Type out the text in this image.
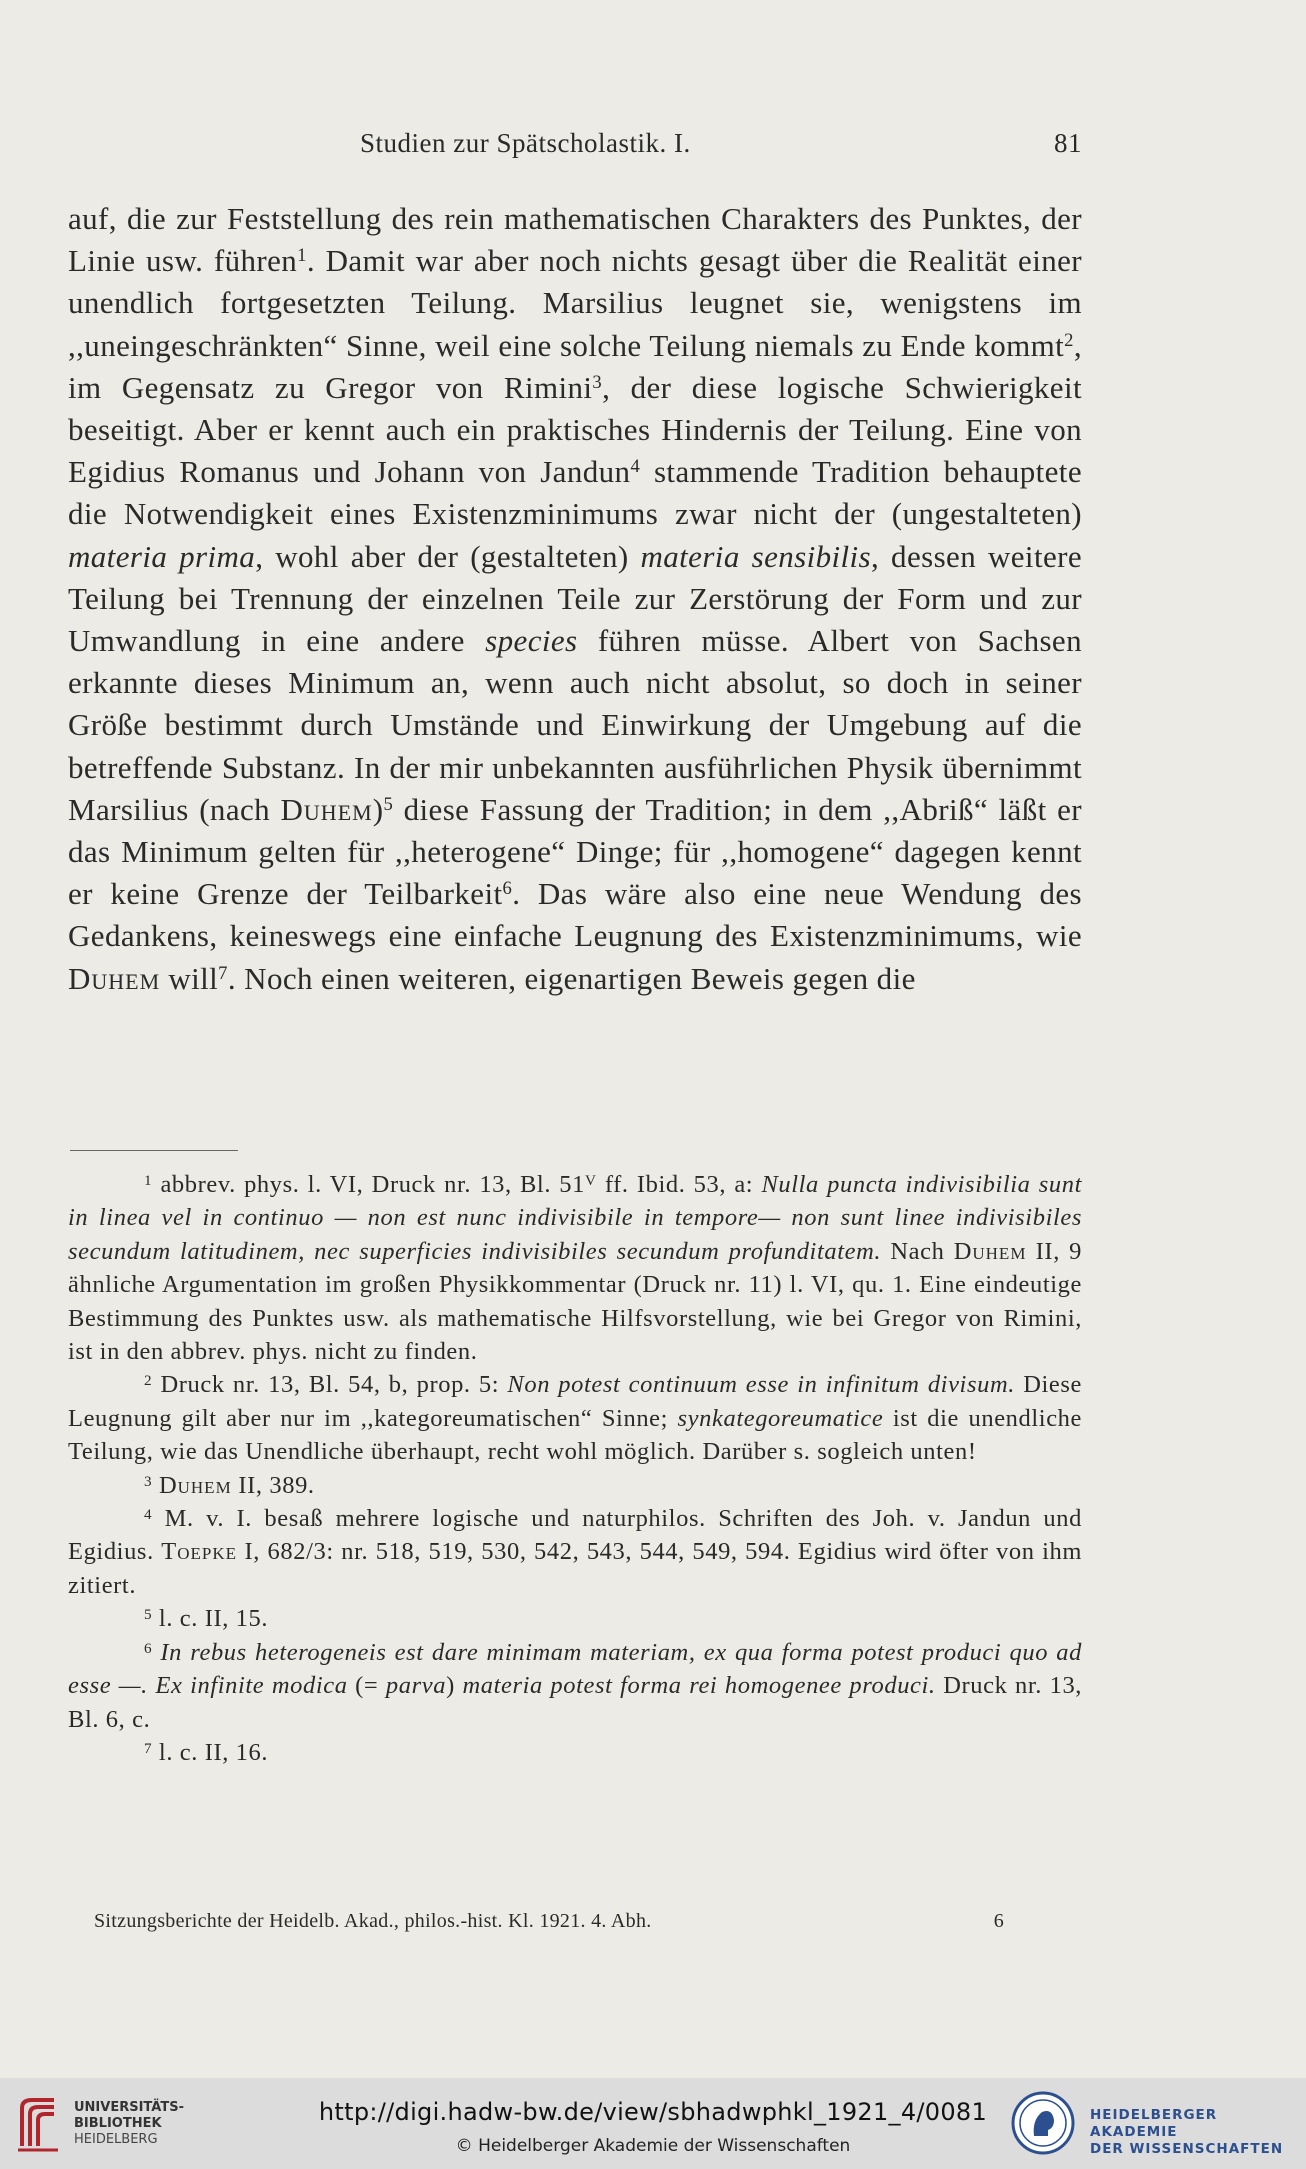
Studien zur Spätscholastik. I.	81

auf, die zur Feststellung des rein mathematischen Charakters des Punktes, der Linie usw. führen$^1$. Damit war aber noch nichts gesagt über die Realität einer unendlich fortgesetzten Teilung. Marsilius leugnet sie, wenigstens im ,,uneingeschränkten“ Sinne, weil eine solche Teilung niemals zu Ende kommt$^2$, im Gegensatz zu Gregor von Rimini$^3$, der diese logische Schwierigkeit beseitigt. Aber er kennt auch ein praktisches Hindernis der Teilung. Eine von Egidius Romanus und Johann von Jandun$^4$ stammende Tradition behauptete die Notwendigkeit eines Existenzminimums zwar nicht der (ungestalteten) materia prima, wohl aber der (gestalteten) materia sensibilis, dessen weitere Teilung bei Trennung der einzelnen Teile zur Zerstörung der Form und zur Umwandlung in eine andere species führen müsse. Albert von Sachsen erkannte dieses Minimum an, wenn auch nicht absolut, so doch in seiner Größe bestimmt durch Umstände und Einwirkung der Umgebung auf die betreffende Substanz. In der mir unbekannten ausführlichen Physik übernimmt Marsilius (nach Duhem)$^5$ diese Fassung der Tradition; in dem ,,Abriß“ läßt er das Minimum gelten für ,,heterogene“ Dinge; für ,,homogene“ dagegen kennt er keine Grenze der Teilbarkeit$^6$. Das wäre also eine neue Wendung des Gedankens, keineswegs eine einfache Leugnung des Existenzminimums, wie Duhem will$^7$. Noch einen weiteren, eigenartigen Beweis gegen die

$^1$ abbrev. phys. l. VI, Druck nr. 13, Bl. $51^V$ ff. Ibid. 53, a: Nulla puncta indivisibilia sunt in linea vel in continuo — non est nunc indivisibile in tempore— non sunt linee indivisibiles secundum latitudinem, nec superficies indivisibiles secundum profunditatem. Nach Duhem II, 9 ähnliche Argumentation im großen Physikkommentar (Druck nr. 11) l. VI, qu. 1. Eine eindeutige Bestimmung des Punktes usw. als mathematische Hilfsvorstellung, wie bei Gregor von Rimini, ist in den abbrev. phys. nicht zu finden.

$^2$ Druck nr. 13, Bl. 54, b, prop. 5: Non potest continuum esse in infinitum divisum. Diese Leugnung gilt aber nur im ,,kategoreumatischen“ Sinne; synkategoreumatice ist die unendliche Teilung, wie das Unendliche überhaupt, recht wohl möglich. Darüber s. sogleich unten!

$^3$ Duhem II, 389.

$^4$ M. v. I. besaß mehrere logische und naturphilos. Schriften des Joh. v. Jandun und Egidius. Toepke I, 682/3: nr. 518, 519, 530, 542, 543, 544, 549, 594. Egidius wird öfter von ihm zitiert.

$^5$ l. c. II, 15.

$^6$ In rebus heterogeneis est dare minimam materiam, ex qua forma potest produci quo ad esse —. Ex infinite modica (= parva) materia potest forma rei homogenee produci. Druck nr. 13, Bl. 6, c.

$^7$ l. c. II, 16.

Sitzungsberichte der Heidelb. Akad., philos.-hist. Kl. 1921. 4. Abh.	6
UNIVERSITÄTS-
BIBLIOTHEK
HEIDELBERG
http://digi.hadw-bw.de/view/sbhadwphkl_1921_4/0081
© Heidelberger Akademie der Wissenschaften
HEIDELBERGER AKADEMIE
DER WISSENSCHAFTEN
